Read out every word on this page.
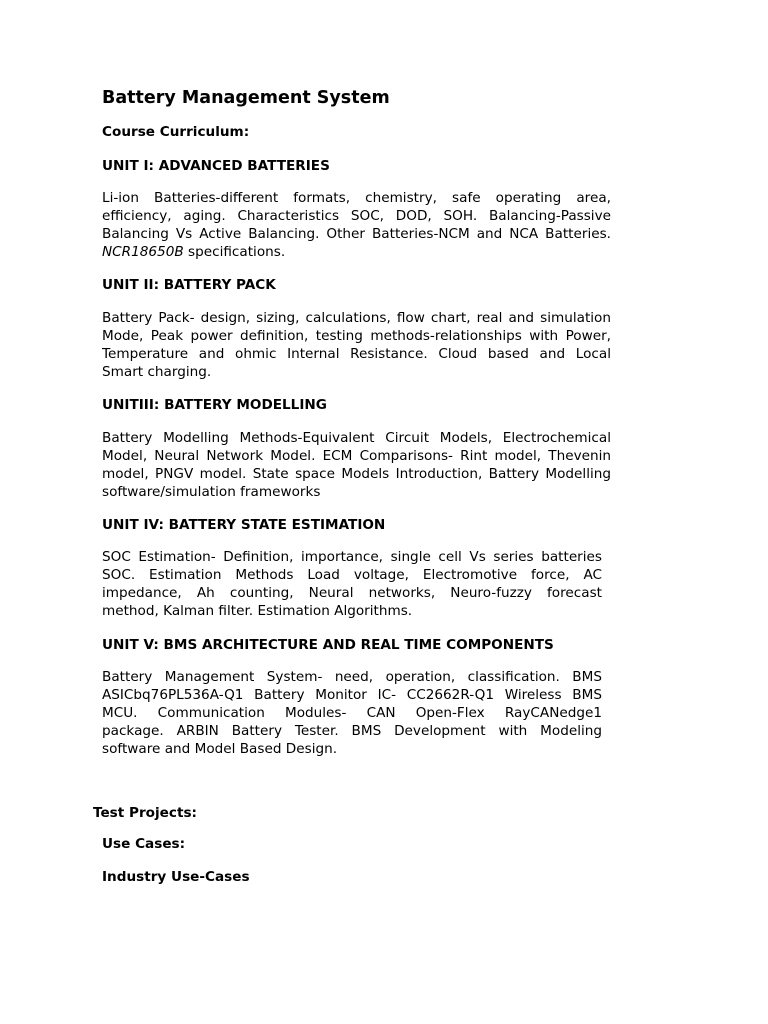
Battery Management System

Course Curriculum:

UNIT I: ADVANCED BATTERIES

Li-ion Batteries-different formats, chemistry, safe operating area,
efficiency, aging. Characteristics SOC, DOD, SOH. Balancing-Passive
Balancing Vs Active Balancing. Other Batteries-NCM and NCA Batteries.
NCR18650B specifications.

UNIT II: BATTERY PACK

Battery Pack- design, sizing, calculations, flow chart, real and simulation
Mode, Peak power definition, testing methods-relationships with Power,
Temperature and ohmic Internal Resistance. Cloud based and Local
Smart charging.

UNITIII: BATTERY MODELLING

Battery Modelling Methods-Equivalent Circuit Models, Electrochemical
Model, Neural Network Model. ECM Comparisons- Rint model, Thevenin
model, PNGV model. State space Models Introduction, Battery Modelling
software/simulation frameworks

UNIT IV: BATTERY STATE ESTIMATION

SOC Estimation- Definition, importance, single cell Vs series batteries
SOC. Estimation Methods Load voltage, Electromotive force, AC
impedance, Ah counting, Neural networks, Neuro-fuzzy forecast
method, Kalman filter. Estimation Algorithms.

UNIT V: BMS ARCHITECTURE AND REAL TIME COMPONENTS

Battery Management System- need, operation, classification. BMS
ASICbq76PL536A-Q1 Battery Monitor IC- CC2662R-Q1 Wireless BMS
MCU. Communication Modules- CAN Open-Flex RayCANedge1
package. ARBIN Battery Tester. BMS Development with Modeling
software and Model Based Design.

Test Projects:

Use Cases:

Industry Use-Cases
